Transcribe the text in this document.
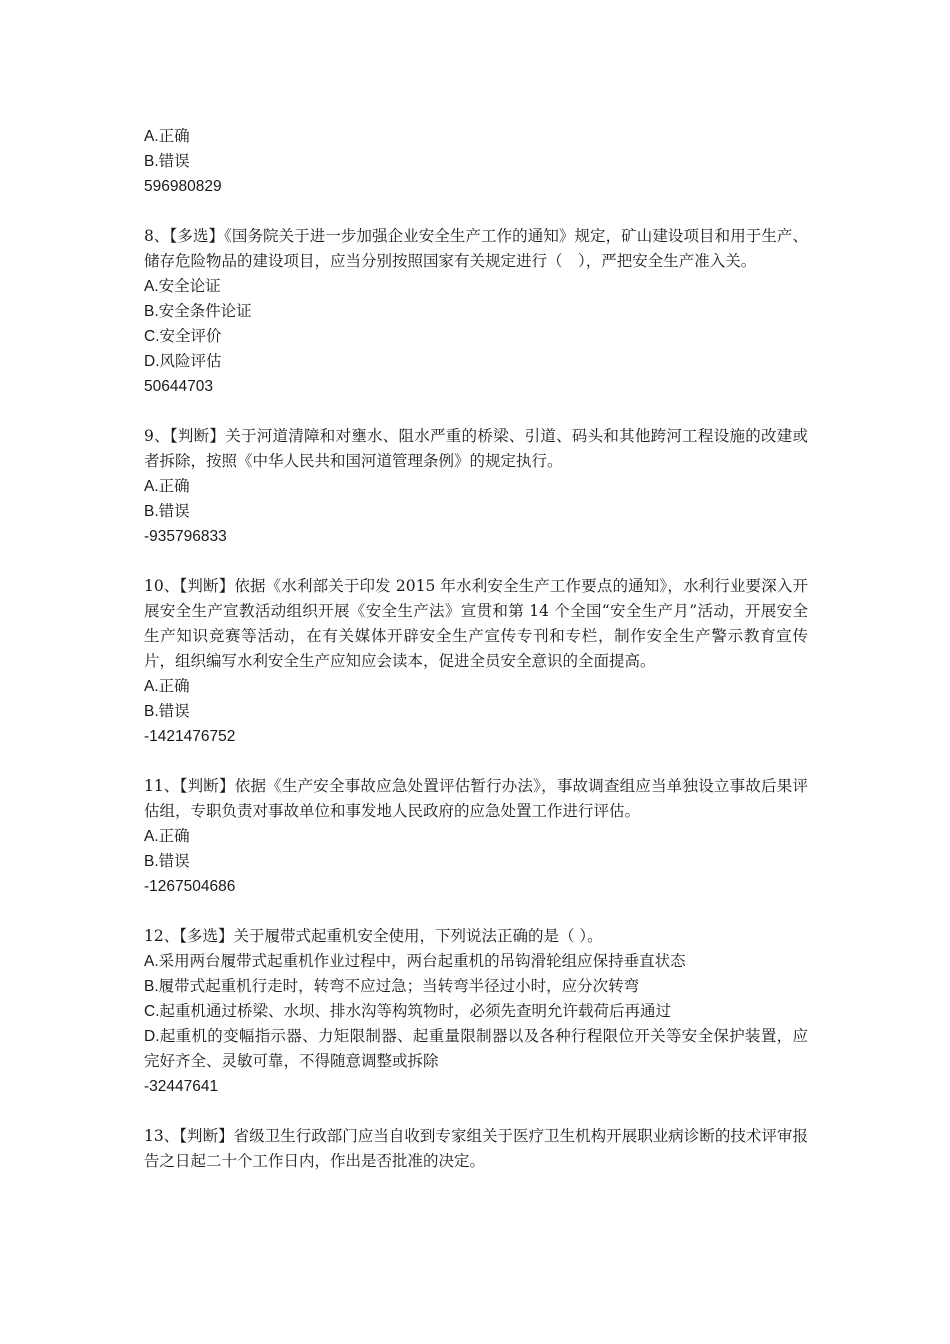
A.正确
B.错误
596980829
8、【多选】《国务院关于进一步加强企业安全生产工作的通知》规定，矿山建设项目和用于生产、储存危险物品的建设项目，应当分别按照国家有关规定进行（　），严把安全生产准入关。
A.安全论证
B.安全条件论证
C.安全评价
D.风险评估
50644703
9、【判断】关于河道清障和对壅水、阻水严重的桥梁、引道、码头和其他跨河工程设施的改建或者拆除，按照《中华人民共和国河道管理条例》的规定执行。
A.正确
B.错误
-935796833
10、【判断】依据《水利部关于印发 2015 年水利安全生产工作要点的通知》，水利行业要深入开展安全生产宣教活动组织开展《安全生产法》宣贯和第 14 个全国“安全生产月”活动，开展安全生产知识竞赛等活动，在有关媒体开辟安全生产宣传专刊和专栏，制作安全生产警示教育宣传片，组织编写水利安全生产应知应会读本，促进全员安全意识的全面提高。
A.正确
B.错误
-1421476752
11、【判断】依据《生产安全事故应急处置评估暂行办法》，事故调查组应当单独设立事故后果评估组，专职负责对事故单位和事发地人民政府的应急处置工作进行评估。
A.正确
B.错误
-1267504686
12、【多选】关于履带式起重机安全使用，下列说法正确的是（ ）。
A.采用两台履带式起重机作业过程中，两台起重机的吊钩滑轮组应保持垂直状态
B.履带式起重机行走时，转弯不应过急；当转弯半径过小时，应分次转弯
C.起重机通过桥梁、水坝、排水沟等构筑物时，必须先查明允许载荷后再通过
D.起重机的变幅指示器、力矩限制器、起重量限制器以及各种行程限位开关等安全保护装置，应完好齐全、灵敏可靠，不得随意调整或拆除
-32447641
13、【判断】省级卫生行政部门应当自收到专家组关于医疗卫生机构开展职业病诊断的技术评审报告之日起二十个工作日内，作出是否批准的决定。
